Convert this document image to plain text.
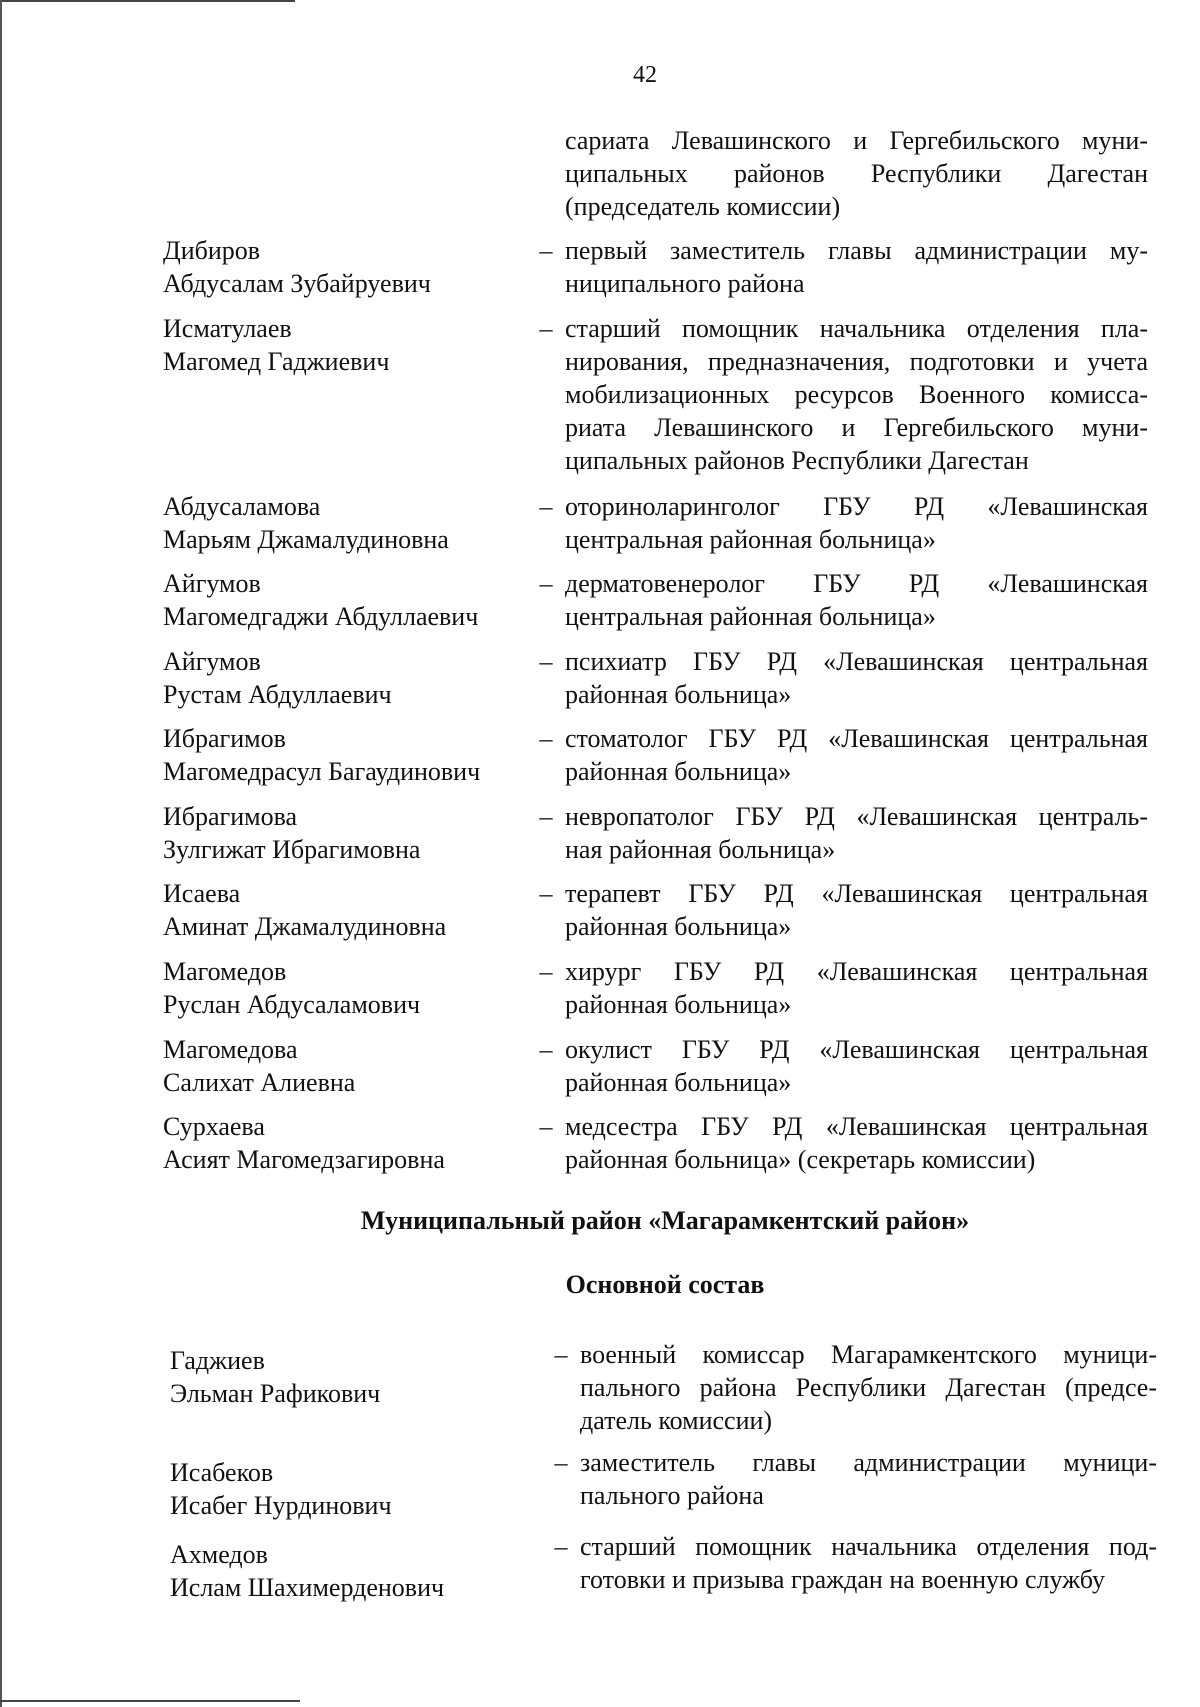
42
сариата Левашинского и Гергебильского муни-
ципальных районов Республики Дагестан
(председатель комиссии)
Дибиров
Абдусалам Зубайруевич
– первый заместитель главы администрации му-
ниципального района
Исматулаев
Магомед Гаджиевич
– старший помощник начальника отделения пла-
нирования, предназначения, подготовки и учета
мобилизационных ресурсов Военного комисса-
риата Левашинского и Гергебильского муни-
ципальных районов Республики Дагестан
Абдусаламова
Марьям Джамалудиновна
– оториноларинголог ГБУ РД «Левашинская
центральная районная больница»
Айгумов
Магомедгаджи Абдуллаевич
– дерматовенеролог ГБУ РД «Левашинская
центральная районная больница»
Айгумов
Рустам Абдуллаевич
– психиатр ГБУ РД «Левашинская центральная
районная больница»
Ибрагимов
Магомедрасул Багаудинович
– стоматолог ГБУ РД «Левашинская центральная
районная больница»
Ибрагимова
Зулгижат Ибрагимовна
– невропатолог ГБУ РД «Левашинская централь-
ная районная больница»
Исаева
Аминат Джамалудиновна
– терапевт ГБУ РД «Левашинская центральная
районная больница»
Магомедов
Руслан Абдусаламович
– хирург ГБУ РД «Левашинская центральная
районная больница»
Магомедова
Салихат Алиевна
– окулист ГБУ РД «Левашинская центральная
районная больница»
Сурхаева
Асият Магомедзагировна
– медсестра ГБУ РД «Левашинская центральная
районная больница» (секретарь комиссии)
Муниципальный район «Магарамкентский район»
Основной состав
Гаджиев
Эльман Рафикович
– военный комиссар Магарамкентского муници-
пального района Республики Дагестан (предсе-
датель комиссии)
Исабеков
Исабег Нурдинович
– заместитель главы администрации муници-
пального района
Ахмедов
Ислам Шахимерденович
– старший помощник начальника отделения под-
готовки и призыва граждан на военную службу
